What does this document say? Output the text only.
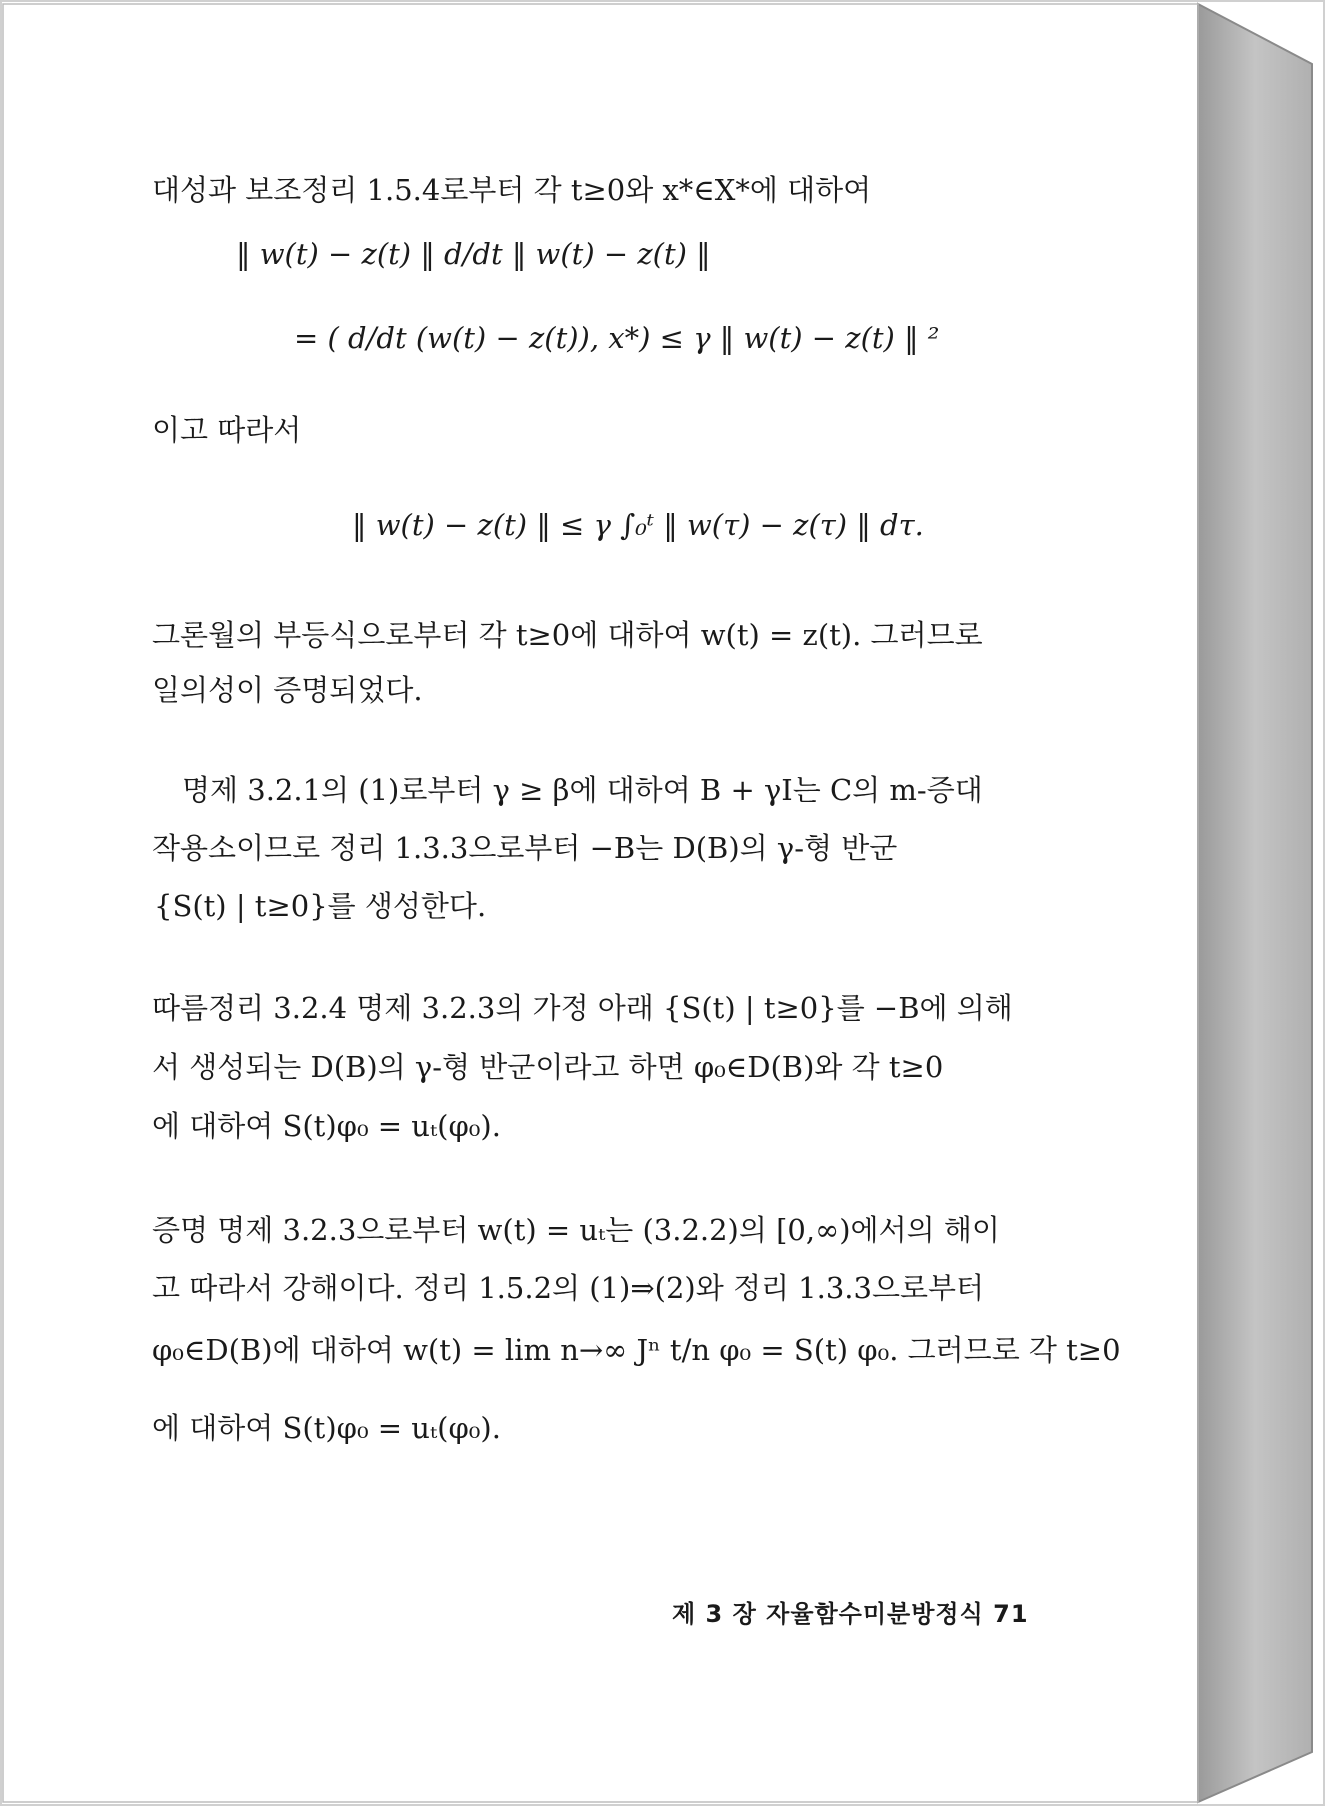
대성과 보조정리 1.5.4로부터 각 t≥0와 x*∈X*에 대하여
‖ w(t) − z(t) ‖ d/dt ‖ w(t) − z(t) ‖
= ( d/dt (w(t) − z(t)), x*) ≤ γ ‖ w(t) − z(t) ‖ ²
이고 따라서
‖ w(t) − z(t) ‖ ≤ γ ∫₀ᵗ ‖ w(τ) − z(τ) ‖ dτ.
그론월의 부등식으로부터 각 t≥0에 대하여 w(t) = z(t). 그러므로
일의성이 증명되었다.
명제 3.2.1의 (1)로부터 γ ≥ β에 대하여 B + γI는 C의 m-증대
작용소이므로 정리 1.3.3으로부터 −B는 D(B)의 γ-형 반군
{S(t) | t≥0}를 생성한다.
따름정리 3.2.4 명제 3.2.3의 가정 아래 {S(t) | t≥0}를 −B에 의해
서 생성되는 D(B)의 γ-형 반군이라고 하면 φ₀∈D(B)와 각 t≥0
에 대하여 S(t)φ₀ = uₜ(φ₀).
증명 명제 3.2.3으로부터 w(t) = uₜ는 (3.2.2)의 [0,∞)에서의 해이
고 따라서 강해이다. 정리 1.5.2의 (1)⇒(2)와 정리 1.3.3으로부터
φ₀∈D(B)에 대하여 w(t) = lim n→∞ Jⁿ t/n φ₀ = S(t) φ₀. 그러므로 각 t≥0
에 대하여 S(t)φ₀ = uₜ(φ₀).
제 3 장 자율함수미분방정식 71
